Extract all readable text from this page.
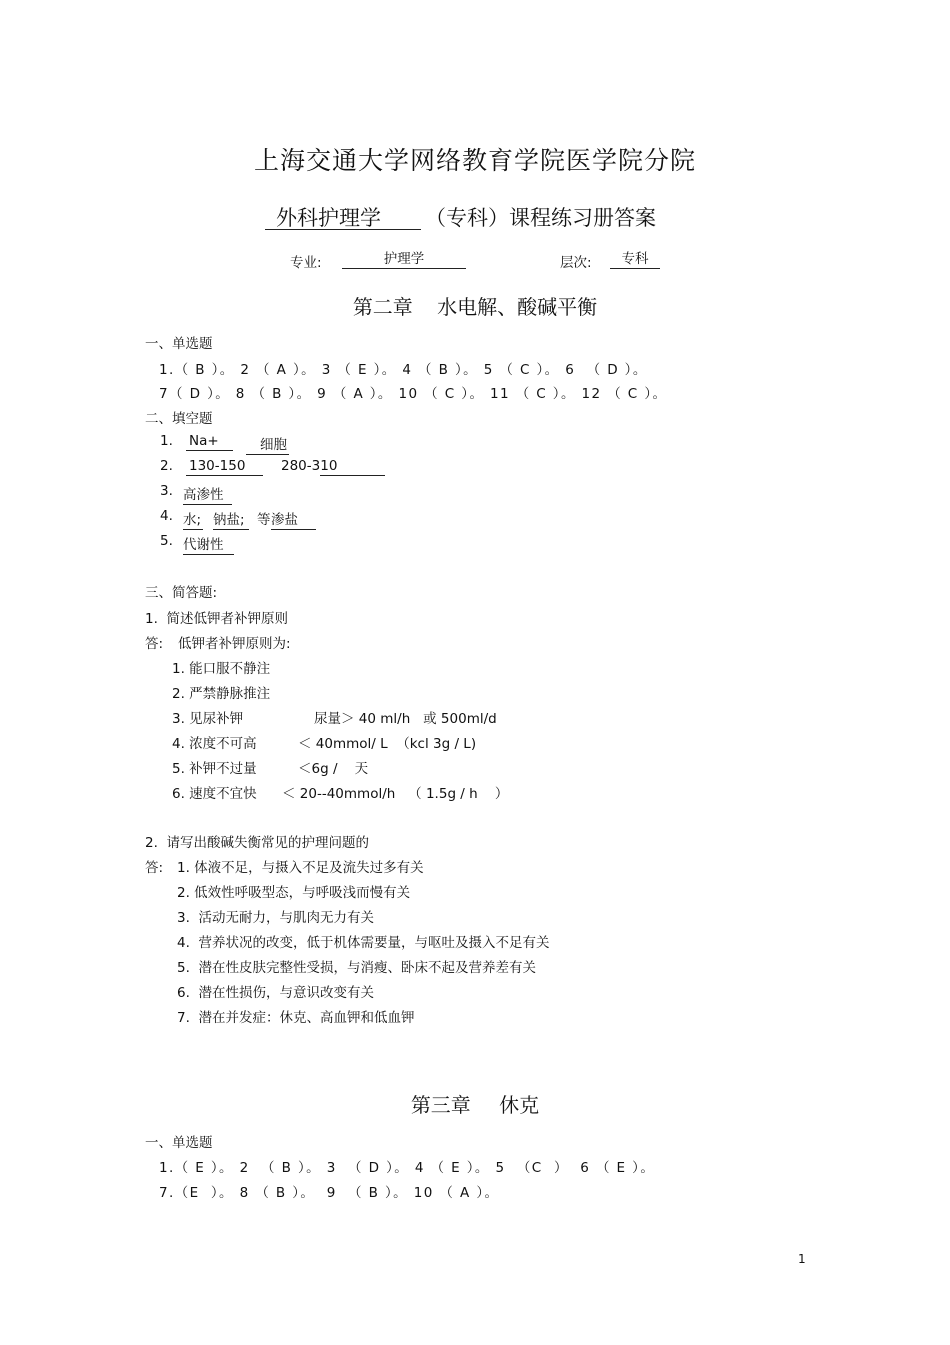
上海交通大学网络教育学院医学院分院
外科护理学 （专科）课程练习册答案
专业:	护理学	层次:	专科
第二章 水电解、酸碱平衡
一、单选题
1.（ B ）。 2 （ A ）。 3 （ E ）。 4 （ B ）。 5 （ C ）。 6  （ D ）。
7（ D ）。 8 （ B ）。 9 （ A ）。 10 （ C ）。 11 （ C ）。 12 （ C ）。
二、填空题
1. Na+	细胞
2. 130-150	280-310
3. 高渗性
4. 水; 钠盐; 等 渗盐
5. 代谢性
三、简答题:
1.  简述低钾者补钾原则
答: 低钾者补钾原则为:
1. 能口服不静注
2. 严禁静脉推注
3. 见尿补钾	尿量＞ 40 ml/h   或 500ml/d
4. 浓度不可高	＜ 40mmol/ L  （kcl 3g / L)
5. 补钾不过量	＜6g /    天
6. 速度不宜快 ＜ 20--40mmol/h   （ 1.5g / h    ）
2.  请写出酸碱失衡常见的护理问题的
答: 1. 体液不足，与摄入不足及流失过多有关
2. 低效性呼吸型态，与呼吸浅而慢有关
3.  活动无耐力，与肌肉无力有关
4.  营养状况的改变，低于机体需要量，与呕吐及摄入不足有关
5.  潜在性皮肤完整性受损，与消瘦、卧床不起及营养差有关
6.  潜在性损伤，与意识改变有关
7.  潜在并发症：休克、高血钾和低血钾
第三章 休克
一、单选题
1.（ E ）。 2  （ B ）。 3  （ D ）。 4 （ E ）。 5  （C  ）  6 （ E ）。
7.（E  ）。 8 （ B ）。  9  （ B ）。 10 （ A ）。
1
